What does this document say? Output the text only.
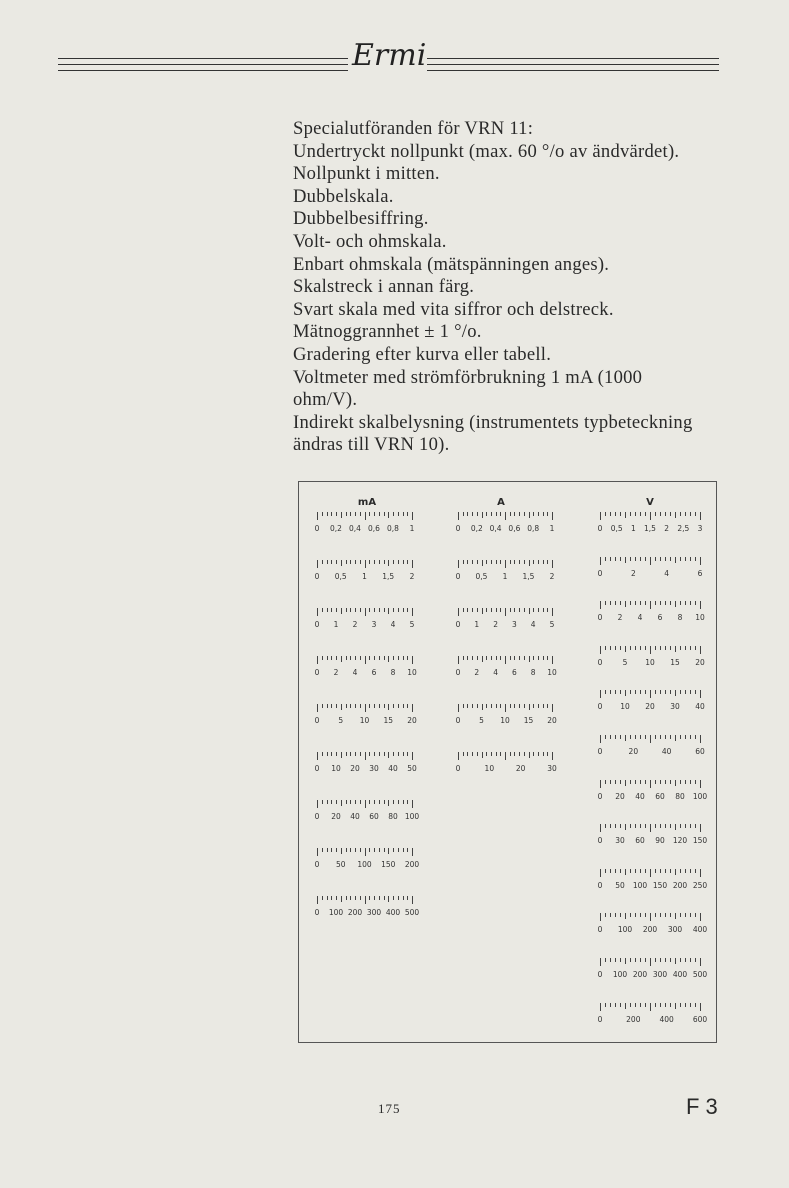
Ermi

Specialutföranden för VRN 11:

Undertryckt nollpunkt (max. 60 °/o av ändvärdet).

Nollpunkt i mitten.

Dubbelskala.

Dubbelbesiffring.

Volt- och ohmskala.

Enbart ohmskala (mätspänningen anges).

Skalstreck i annan färg.

Svart skala med vita siffror och delstreck.

Mätnoggrannhet ± 1 °/o.

Gradering efter kurva eller tabell.

Voltmeter med strömförbrukning 1 mA (1000

ohm/V).

Indirekt skalbelysning (instrumentets typbeteckning

ändras till VRN 10).

mA	A	V
0 0,2 0,4 0,6 0,8 1
0 0,5 1 1,5 2
0 1 2 3 4 5
0 2 4 6 8 10
0	5 10 15 20
0 10 20 30 40 50
0 20 40 60 80 100
0 50 100 150 200
0 100 200 300 400 500
0 0,2 0,4 0,6 0,8 1
0 0,5 1 1,5 2
0 1 2 3 4 5
0 2 4 6 8 10
0 5 10 15 20
0	10	20	30
0 0,5 1 1,5 2 2,5 3
0	2	4	6
0 2 4 6 8 10
0	5 10 15 20
0 10 20 30 40
0	20	40	60
0 20 40 60 80 100
0 30 60 90 120 150
0 50 100 150 200 250
0 100 200 300 400
0 100 200 300 400 500
0	200	400	600
175	F 3
